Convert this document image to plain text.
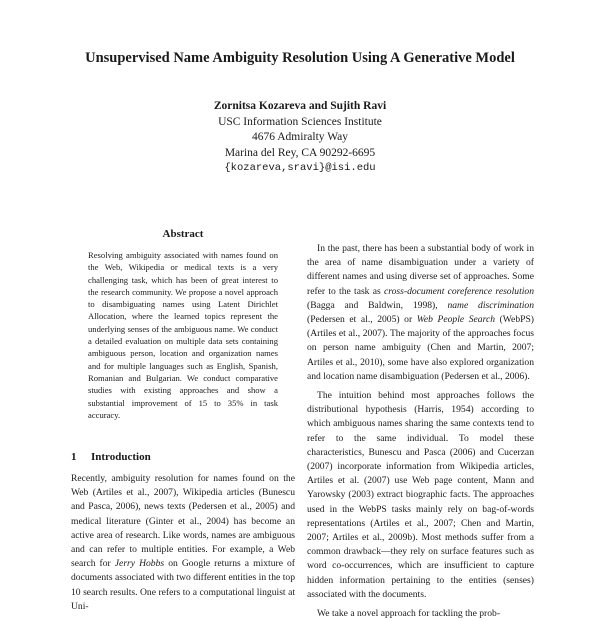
Unsupervised Name Ambiguity Resolution Using A Generative Model
Zornitsa Kozareva and Sujith Ravi
USC Information Sciences Institute
4676 Admiralty Way
Marina del Rey, CA 90292-6695
{kozareva,sravi}@isi.edu
Abstract
Resolving ambiguity associated with names found on the Web, Wikipedia or medical texts is a very challenging task, which has been of great interest to the research community. We propose a novel approach to disambiguating names using Latent Dirichlet Allocation, where the learned topics represent the underlying senses of the ambiguous name. We conduct a detailed evaluation on multiple data sets containing ambiguous person, location and organization names and for multiple languages such as English, Spanish, Romanian and Bulgarian. We conduct comparative studies with existing approaches and show a substantial improvement of 15 to 35% in task accuracy.
1 Introduction

Recently, ambiguity resolution for names found on the Web (Artiles et al., 2007), Wikipedia articles (Bunescu and Pasca, 2006), news texts (Pedersen et al., 2005) and medical literature (Ginter et al., 2004) has become an active area of research. Like words, names are ambiguous and can refer to multiple entities. For example, a Web search for Jerry Hobbs on Google returns a mixture of documents associated with two different entities in the top 10 search results. One refers to a computational linguist at Uni-

In the past, there has been a substantial body of work in the area of name disambiguation under a variety of different names and using diverse set of approaches. Some refer to the task as cross-document coreference resolution (Bagga and Baldwin, 1998), name discrimination (Pedersen et al., 2005) or Web People Search (WebPS) (Artiles et al., 2007). The majority of the approaches focus on person name ambiguity (Chen and Martin, 2007; Artiles et al., 2010), some have also explored organization and location name disambiguation (Pedersen et al., 2006).

The intuition behind most approaches follows the distributional hypothesis (Harris, 1954) according to which ambiguous names sharing the same contexts tend to refer to the same individual. To model these characteristics, Bunescu and Pasca (2006) and Cucerzan (2007) incorporate information from Wikipedia articles, Artiles et al. (2007) use Web page content, Mann and Yarowsky (2003) extract biographic facts. The approaches used in the WebPS tasks mainly rely on bag-of-words representations (Artiles et al., 2007; Chen and Martin, 2007; Artiles et al., 2009b). Most methods suffer from a common drawback—they rely on surface features such as word co-occurrences, which are insufficient to capture hidden information pertaining to the entities (senses) associated with the documents.

We take a novel approach for tackling the prob-
